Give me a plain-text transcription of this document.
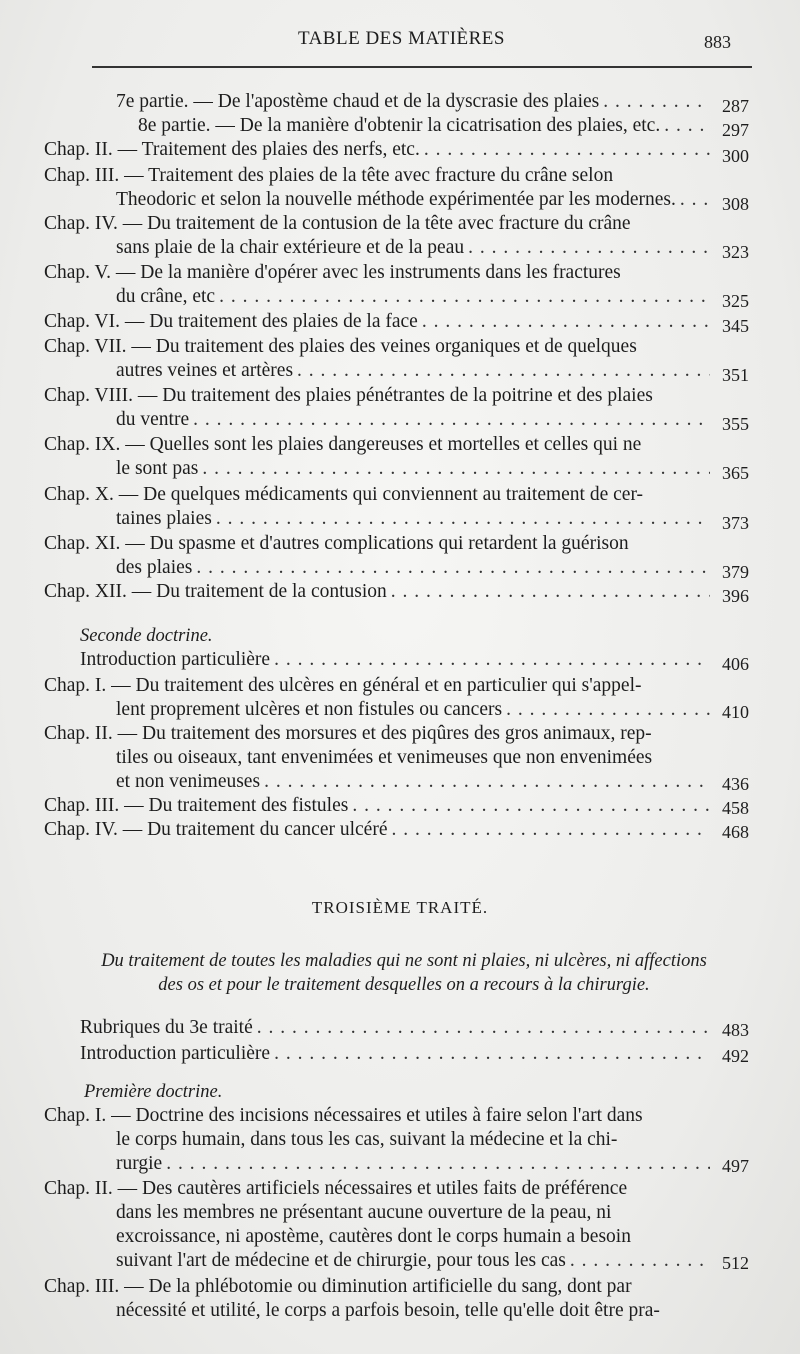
TABLE DES MATIÈRES	883
7e partie. — De l'apostème chaud et de la dyscrasie des plaies . . .	287
8e partie. — De la manière d'obtenir la cicatrisation des plaies, etc. . . .	297
Chap. II. — Traitement des plaies des nerfs, etc. . . .	300
Chap. III. — Traitement des plaies de la tête avec fracture du crâne selon
Theodoric et selon la nouvelle méthode expérimentée par les modernes. . . .	308
Chap. IV. — Du traitement de la contusion de la tête avec fracture du crâne
sans plaie de la chair extérieure et de la peau . . .	323
Chap. V. — De la manière d'opérer avec les instruments dans les fractures
du crâne, etc . . .	325
Chap. VI. — Du traitement des plaies de la face . . .	345
Chap. VII. — Du traitement des plaies des veines organiques et de quelques
autres veines et artères . . .	351
Chap. VIII. — Du traitement des plaies pénétrantes de la poitrine et des plaies
du ventre . . .	355
Chap. IX. — Quelles sont les plaies dangereuses et mortelles et celles qui ne
le sont pas . . .	365
Chap. X. — De quelques médicaments qui conviennent au traitement de cer-
taines plaies . . .	373
Chap. XI. — Du spasme et d'autres complications qui retardent la guérison
des plaies . . .	379
Chap. XII. — Du traitement de la contusion . . .	396
Seconde doctrine.
Introduction particulière . . .	406
Chap. I. — Du traitement des ulcères en général et en particulier qui s'appel-
lent proprement ulcères et non fistules ou cancers . . .	410
Chap. II. — Du traitement des morsures et des piqûres des gros animaux, rep-
tiles ou oiseaux, tant envenimées et venimeuses que non envenimées
et non venimeuses . . .	436
Chap. III. — Du traitement des fistules . . .	458
Chap. IV. — Du traitement du cancer ulcéré . . .	468
TROISIÈME TRAITÉ.
Du traitement de toutes les maladies qui ne sont ni plaies, ni ulcères, ni affections
des os et pour le traitement desquelles on a recours à la chirurgie.
Rubriques du 3e traité . . .	483
Introduction particulière . . .	492
Première doctrine.
Chap. I. — Doctrine des incisions nécessaires et utiles à faire selon l'art dans
le corps humain, dans tous les cas, suivant la médecine et la chi-
rurgie . . .	497
Chap. II. — Des cautères artificiels nécessaires et utiles faits de préférence
dans les membres ne présentant aucune ouverture de la peau, ni
excroissance, ni apostème, cautères dont le corps humain a besoin
suivant l'art de médecine et de chirurgie, pour tous les cas . . .	512
Chap. III. — De la phlébotomie ou diminution artificielle du sang, dont par
nécessité et utilité, le corps a parfois besoin, telle qu'elle doit être pra-
